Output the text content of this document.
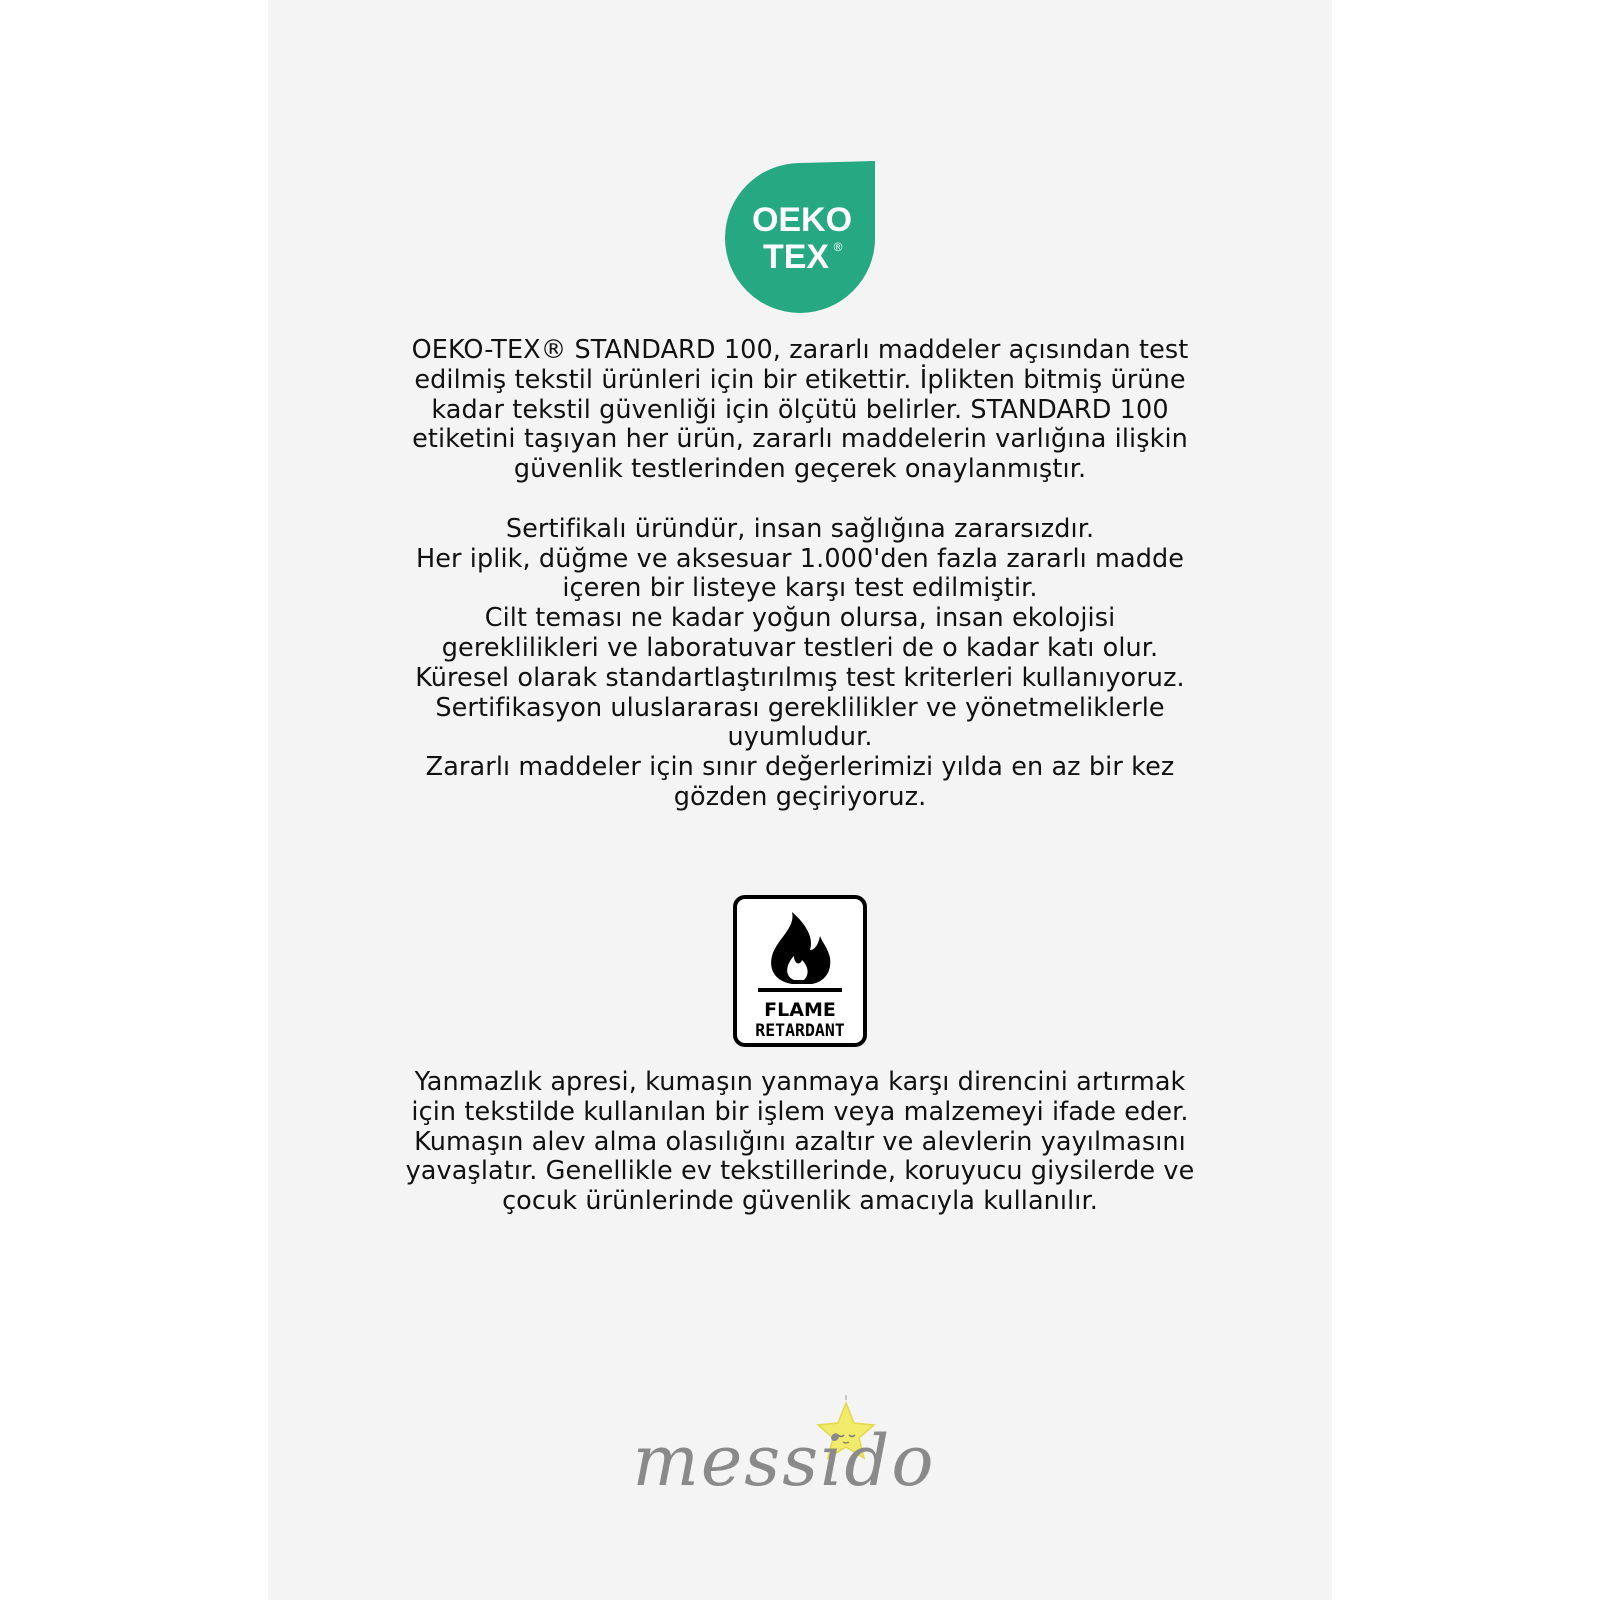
OEKO
TEX ®
OEKO-TEX® STANDARD 100, zararlı maddeler açısından test
edilmiş tekstil ürünleri için bir etikettir. İplikten bitmiş ürüne
kadar tekstil güvenliği için ölçütü belirler. STANDARD 100
etiketini taşıyan her ürün, zararlı maddelerin varlığına ilişkin
güvenlik testlerinden geçerek onaylanmıştır.
Sertifikalı üründür, insan sağlığına zararsızdır.
Her iplik, düğme ve aksesuar 1.000'den fazla zararlı madde
içeren bir listeye karşı test edilmiştir.
Cilt teması ne kadar yoğun olursa, insan ekolojisi
gereklilikleri ve laboratuvar testleri de o kadar katı olur.
Küresel olarak standartlaştırılmış test kriterleri kullanıyoruz.
Sertifikasyon uluslararası gereklilikler ve yönetmeliklerle
uyumludur.
Zararlı maddeler için sınır değerlerimizi yılda en az bir kez
gözden geçiriyoruz.
FLAME
RETARDANT
Yanmazlık apresi, kumaşın yanmaya karşı direncini artırmak
için tekstilde kullanılan bir işlem veya malzemeyi ifade eder.
Kumaşın alev alma olasılığını azaltır ve alevlerin yayılmasını
yavaşlatır. Genellikle ev tekstillerinde, koruyucu giysilerde ve
çocuk ürünlerinde güvenlik amacıyla kullanılır.
messido
